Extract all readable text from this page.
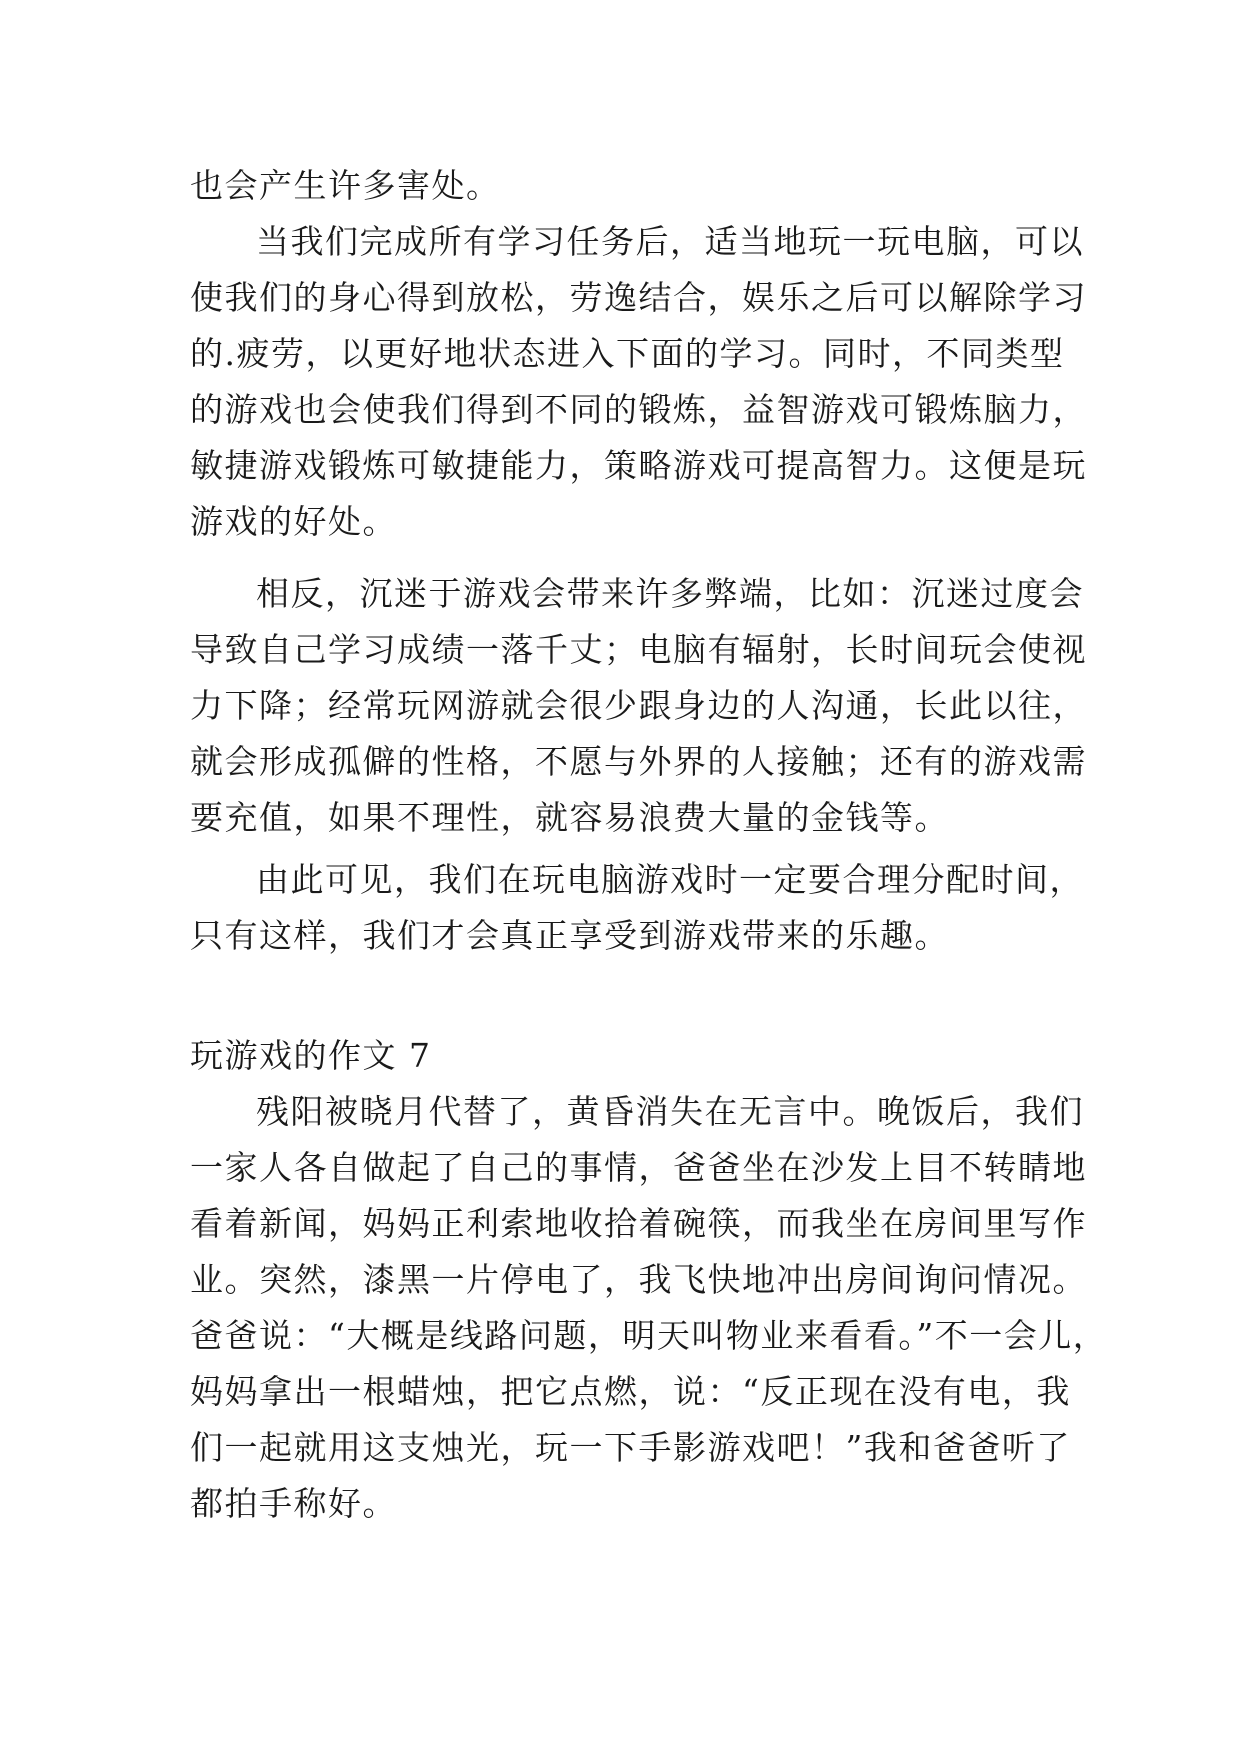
也会产生许多害处。

当我们完成所有学习任务后，适当地玩一玩电脑，可以

使我们的身心得到放松，劳逸结合，娱乐之后可以解除学习

的.疲劳，以更好地状态进入下面的学习。同时，不同类型

的游戏也会使我们得到不同的锻炼，益智游戏可锻炼脑力，

敏捷游戏锻炼可敏捷能力，策略游戏可提高智力。这便是玩

游戏的好处。

相反，沉迷于游戏会带来许多弊端，比如：沉迷过度会

导致自己学习成绩一落千丈；电脑有辐射，长时间玩会使视

力下降；经常玩网游就会很少跟身边的人沟通，长此以往，

就会形成孤僻的性格，不愿与外界的人接触；还有的游戏需

要充值，如果不理性，就容易浪费大量的金钱等。

由此可见，我们在玩电脑游戏时一定要合理分配时间，

只有这样，我们才会真正享受到游戏带来的乐趣。

玩游戏的作文 7

残阳被晓月代替了，黄昏消失在无言中。晚饭后，我们

一家人各自做起了自己的事情，爸爸坐在沙发上目不转睛地

看着新闻，妈妈正利索地收拾着碗筷，而我坐在房间里写作

业。突然，漆黑一片停电了，我飞快地冲出房间询问情况。

爸爸说：“大概是线路问题，明天叫物业来看看。”不一会儿，

妈妈拿出一根蜡烛，把它点燃，说：“反正现在没有电，我

们一起就用这支烛光，玩一下手影游戏吧！”我和爸爸听了

都拍手称好。
